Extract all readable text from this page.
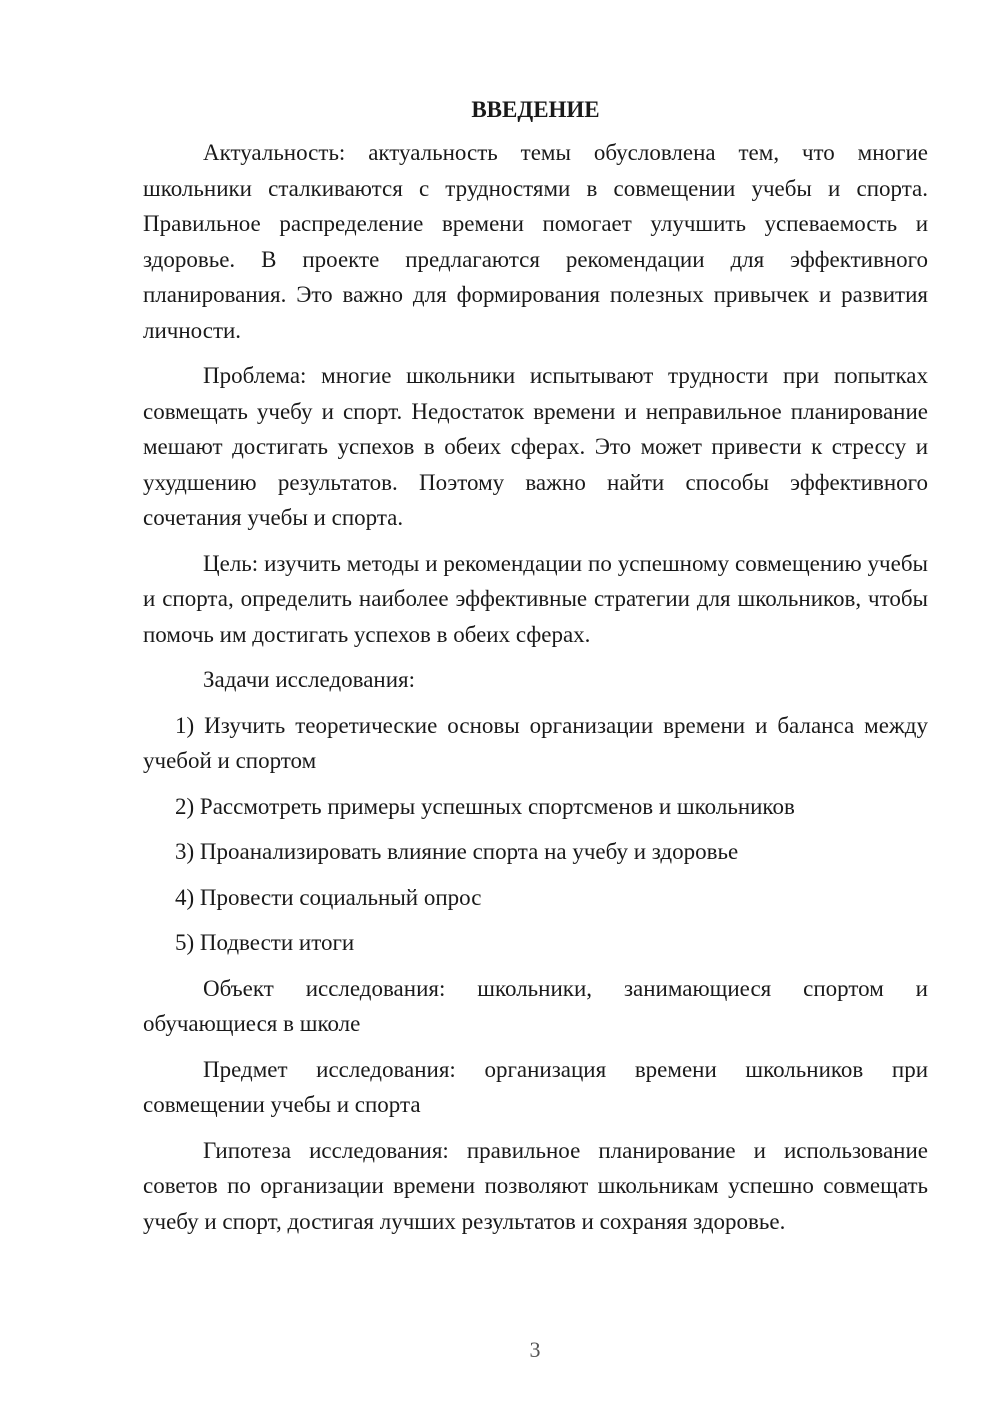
ВВЕДЕНИЕ

Актуальность: актуальность темы обусловлена тем, что многие школьники сталкиваются с трудностями в совмещении учебы и спорта. Правильное распределение времени помогает улучшить успеваемость и здоровье. В проекте предлагаются рекомендации для эффективного планирования. Это важно для формирования полезных привычек и развития личности.

Проблема: многие школьники испытывают трудности при попытках совмещать учебу и спорт. Недостаток времени и неправильное планирование мешают достигать успехов в обеих сферах. Это может привести к стрессу и ухудшению результатов. Поэтому важно найти способы эффективного сочетания учебы и спорта.

Цель: изучить методы и рекомендации по успешному совмещению учебы и спорта, определить наиболее эффективные стратегии для школьников, чтобы помочь им достигать успехов в обеих сферах.

Задачи исследования:

1) Изучить теоретические основы организации времени и баланса между учебой и спортом

2) Рассмотреть примеры успешных спортсменов и школьников

3) Проанализировать влияние спорта на учебу и здоровье

4) Провести социальный опрос

5) Подвести итоги

Объект исследования: школьники, занимающиеся спортом и обучающиеся в школе

Предмет исследования: организация времени школьников при совмещении учебы и спорта

Гипотеза исследования: правильное планирование и использование советов по организации времени позволяют школьникам успешно совмещать учебу и спорт, достигая лучших результатов и сохраняя здоровье.

3
